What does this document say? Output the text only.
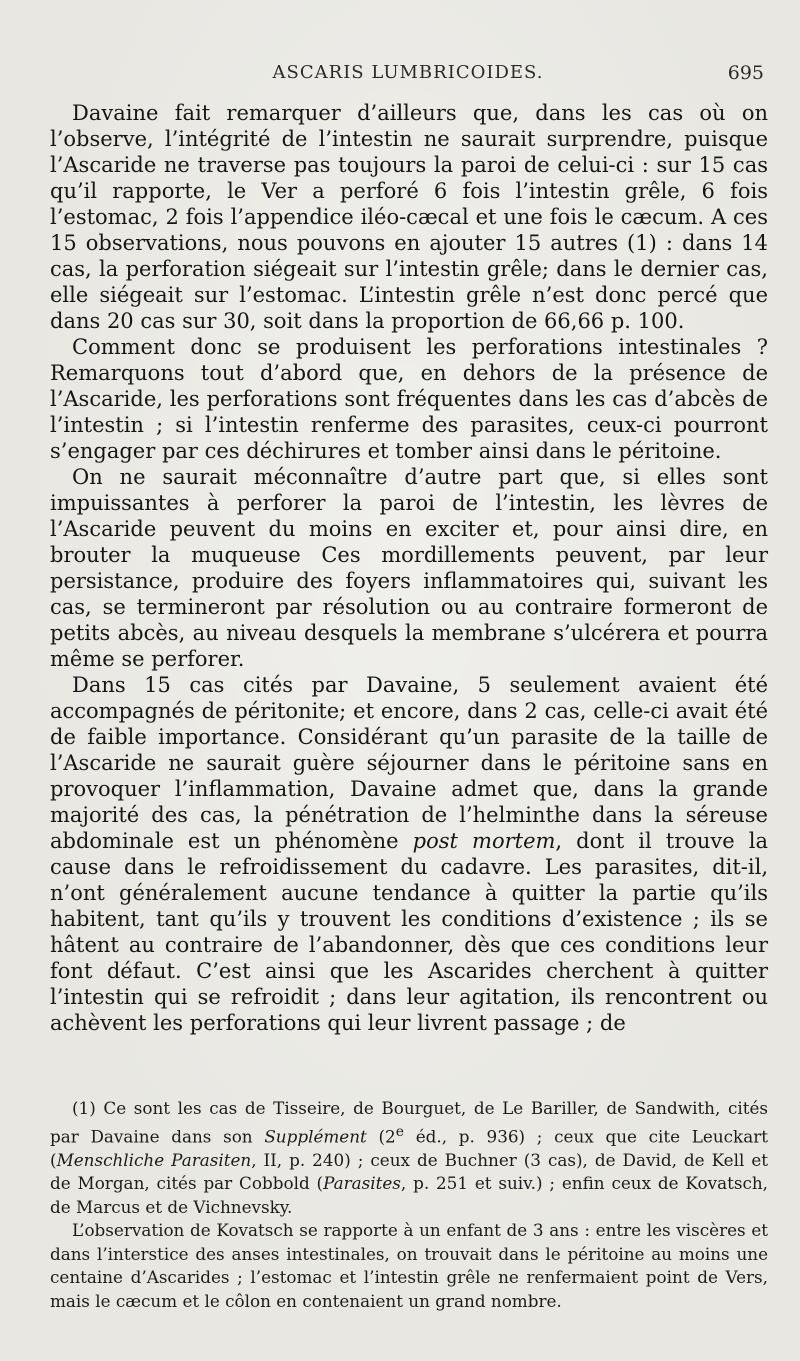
ASCARIS LUMBRICOIDES.	695

Davaine fait remarquer d’ailleurs que, dans les cas où on l’observe, l’intégrité de l’intestin ne saurait surprendre, puisque l’Ascaride ne traverse pas toujours la paroi de celui-ci : sur 15 cas qu’il rapporte, le Ver a perforé 6 fois l’intestin grêle, 6 fois l’estomac, 2 fois l’appendice iléo-cæcal et une fois le cæcum. A ces 15 observations, nous pouvons en ajouter 15 autres (1) : dans 14 cas, la perforation siégeait sur l’intestin grêle; dans le dernier cas, elle siégeait sur l’estomac. L’intestin grêle n’est donc percé que dans 20 cas sur 30, soit dans la proportion de 66,66 p. 100.

Comment donc se produisent les perforations intestinales ? Remarquons tout d’abord que, en dehors de la présence de l’Ascaride, les perforations sont fréquentes dans les cas d’abcès de l’intestin ; si l’intestin renferme des parasites, ceux-ci pourront s’engager par ces déchirures et tomber ainsi dans le péritoine.

On ne saurait méconnaître d’autre part que, si elles sont impuissantes à perforer la paroi de l’intestin, les lèvres de l’Ascaride peuvent du moins en exciter et, pour ainsi dire, en brouter la muqueuse Ces mordillements peuvent, par leur persistance, produire des foyers inflammatoires qui, suivant les cas, se termineront par résolution ou au contraire formeront de petits abcès, au niveau desquels la membrane s’ulcérera et pourra même se perforer.

Dans 15 cas cités par Davaine, 5 seulement avaient été accompagnés de péritonite; et encore, dans 2 cas, celle-ci avait été de faible importance. Considérant qu’un parasite de la taille de l’Ascaride ne saurait guère séjourner dans le péritoine sans en provoquer l’inflammation, Davaine admet que, dans la grande majorité des cas, la pénétration de l’helminthe dans la séreuse abdominale est un phénomène post mortem, dont il trouve la cause dans le refroidissement du cadavre. Les parasites, dit-il, n’ont généralement aucune tendance à quitter la partie qu’ils habitent, tant qu’ils y trouvent les conditions d’existence ; ils se hâtent au contraire de l’abandonner, dès que ces conditions leur font défaut. C’est ainsi que les Ascarides cherchent à quitter l’intestin qui se refroidit ; dans leur agitation, ils rencontrent ou achèvent les perforations qui leur livrent passage ; de

(1) Ce sont les cas de Tisseire, de Bourguet, de Le Bariller, de Sandwith, cités par Davaine dans son Supplément (2e éd., p. 936) ; ceux que cite Leuckart (Menschliche Parasiten, II, p. 240) ; ceux de Buchner (3 cas), de David, de Kell et de Morgan, cités par Cobbold (Parasites, p. 251 et suiv.) ; enfin ceux de Kovatsch, de Marcus et de Vichnevsky.

L’observation de Kovatsch se rapporte à un enfant de 3 ans : entre les viscères et dans l’interstice des anses intestinales, on trouvait dans le péritoine au moins une centaine d’Ascarides ; l’estomac et l’intestin grêle ne renfermaient point de Vers, mais le cæcum et le côlon en contenaient un grand nombre.
